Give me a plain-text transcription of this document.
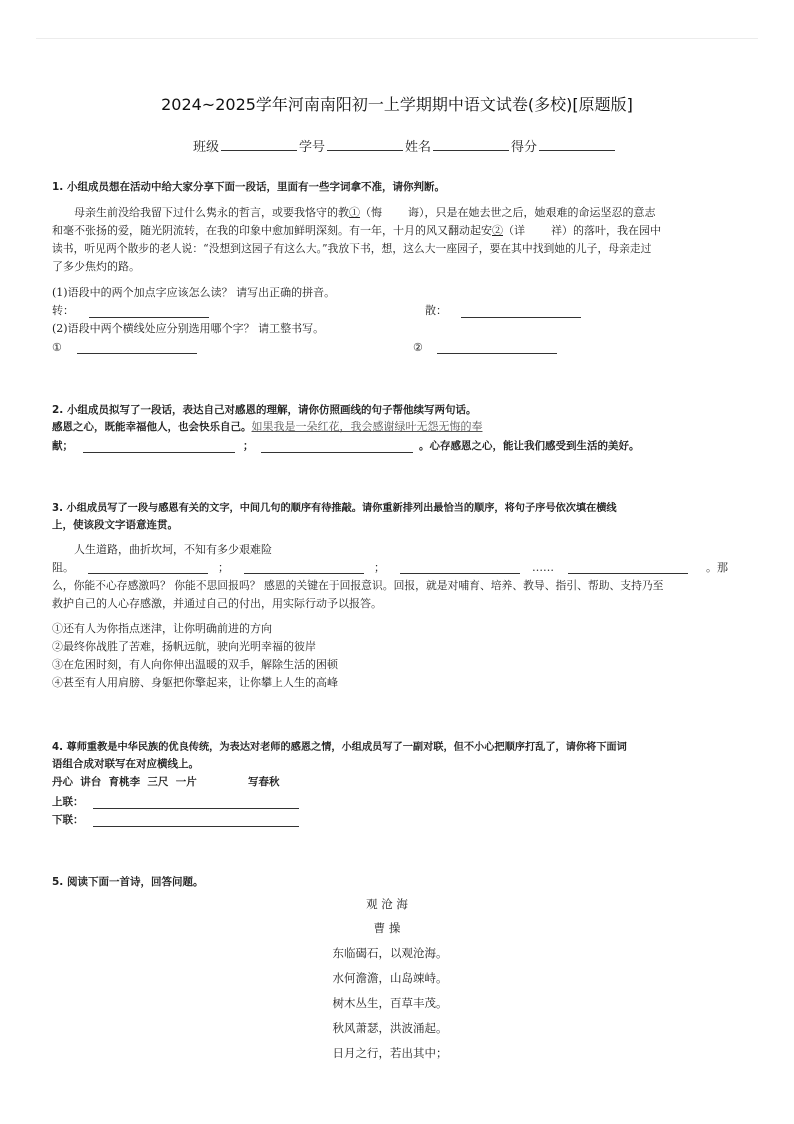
2024~2025学年河南南阳初一上学期期中语文试卷(多校)[原题版]
班级	学号	姓名	得分
1. 小组成员想在活动中给大家分享下面一段话，里面有一些字词拿不准，请你判断。
母亲生前没给我留下过什么隽永的哲言，或要我恪守的教①（悔 诲），只是在她去世之后，她艰难的命运坚忍的意志
和毫不张扬的爱，随光阴流转，在我的印象中愈加鲜明深刻。有一年，十月的风又翻动起安②（详 祥）的落叶，我在园中
读书，听见两个散步的老人说：“没想到这园子有这么大。”我放下书，想，这么大一座园子，要在其中找到她的儿子，母亲走过
了多少焦灼的路。
(1)语段中的两个加点字应该怎么读？ 请写出正确的拼音。
转：	散：
(2)语段中两个横线处应分别选用哪个字？ 请工整书写。
①	②
2. 小组成员拟写了一段话，表达自己对感恩的理解，请你仿照画线的句子帮他续写两句话。
感恩之心，既能幸福他人，也会快乐自己。如果我是一朵红花，我会感谢绿叶无怨无悔的奉
献；	；	。心存感恩之心，能让我们感受到生活的美好。
3. 小组成员写了一段与感恩有关的文字，中间几句的顺序有待推敲。请你重新排列出最恰当的顺序，将句子序号依次填在横线
上，使该段文字语意连贯。
人生道路，曲折坎坷，不知有多少艰难险
阻。	；	；	……	。那
么，你能不心存感激吗？ 你能不思回报吗？ 感恩的关键在于回报意识。回报，就是对哺育、培养、教导、指引、帮助、支持乃至
救护自己的人心存感激，并通过自己的付出，用实际行动予以报答。
①还有人为你指点迷津，让你明确前进的方向
②最终你战胜了苦难，扬帆远航，驶向光明幸福的彼岸
③在危困时刻，有人向你伸出温暖的双手，解除生活的困顿
④甚至有人用肩膀、身躯把你擎起来，让你攀上人生的高峰
4. 尊师重教是中华民族的优良传统，为表达对老师的感恩之情，小组成员写了一副对联，但不小心把顺序打乱了，请你将下面词
语组合成对联写在对应横线上。
丹心  讲台  育桃李  三尺  一片	写春秋
上联：
下联：
5. 阅读下面一首诗，回答问题。
观 沧 海
曹 操
东临碣石，以观沧海。
水何澹澹，山岛竦峙。
树木丛生，百草丰茂。
秋风萧瑟，洪波涌起。
日月之行，若出其中；
